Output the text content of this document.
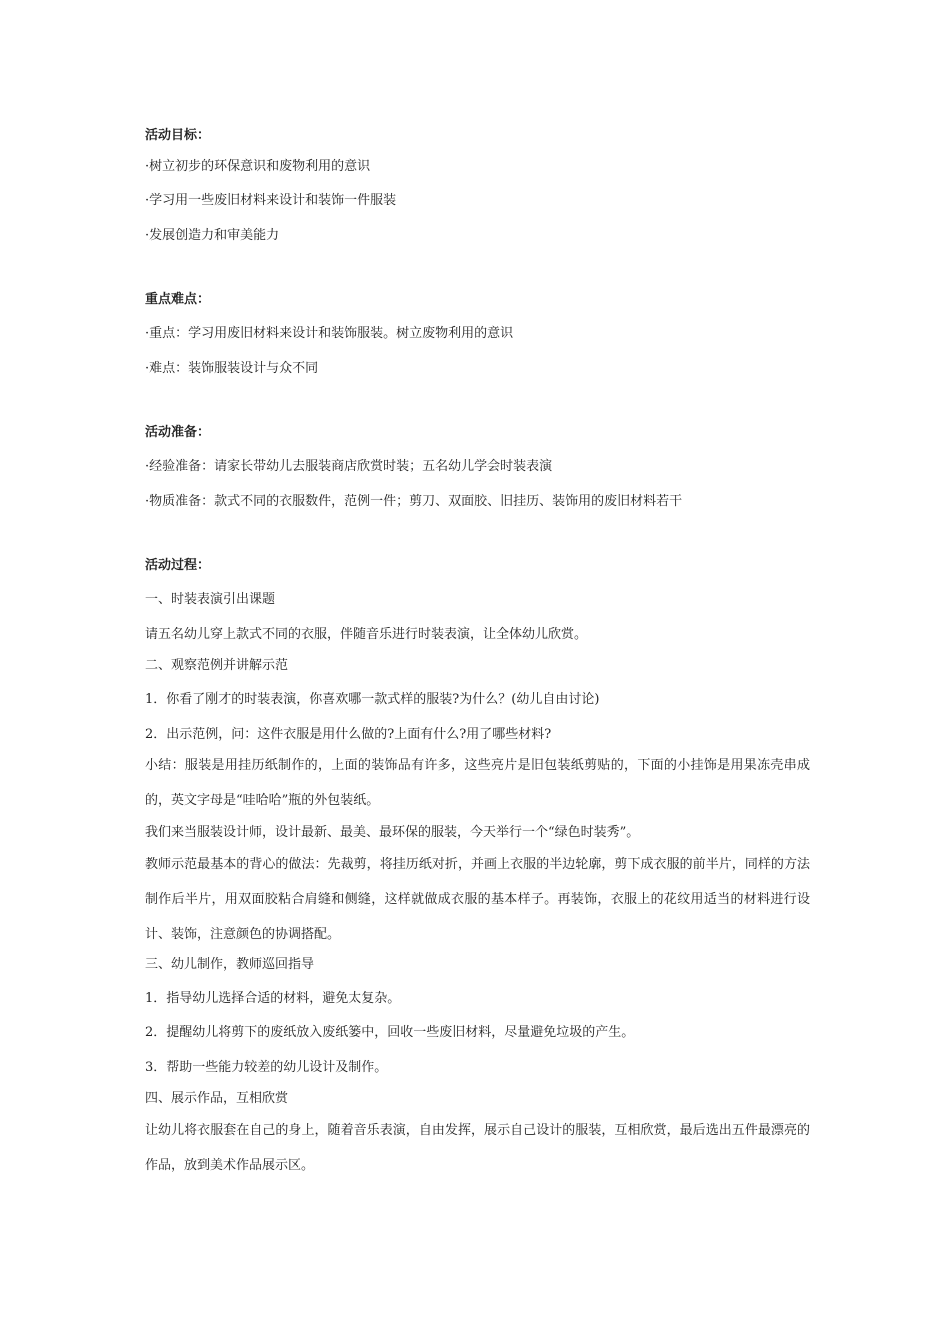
活动目标：
·树立初步的环保意识和废物利用的意识
·学习用一些废旧材料来设计和装饰一件服装
·发展创造力和审美能力
重点难点：
·重点：学习用废旧材料来设计和装饰服装。树立废物利用的意识
·难点：装饰服装设计与众不同
活动准备：
·经验准备：请家长带幼儿去服装商店欣赏时装；五名幼儿学会时装表演
·物质准备：款式不同的衣服数件，范例一件；剪刀、双面胶、旧挂历、装饰用的废旧材料若干
活动过程：
一、时装表演引出课题
请五名幼儿穿上款式不同的衣服，伴随音乐进行时装表演，让全体幼儿欣赏。
二、观察范例并讲解示范
1．你看了刚才的时装表演，你喜欢哪一款式样的服装?为什么？(幼儿自由讨论)
2．出示范例，问：这件衣服是用什么做的?上面有什么?用了哪些材料?
小结：服装是用挂历纸制作的，上面的装饰品有许多，这些亮片是旧包装纸剪贴的，下面的小挂饰是用果冻壳串成的，英文字母是“哇哈哈”瓶的外包装纸。
我们来当服装设计师，设计最新、最美、最环保的服装，今天举行一个“绿色时装秀”。
教师示范最基本的背心的做法：先裁剪，将挂历纸对折，并画上衣服的半边轮廓，剪下成衣服的前半片，同样的方法制作后半片，用双面胶粘合肩缝和侧缝，这样就做成衣服的基本样子。再装饰，衣服上的花纹用适当的材料进行设计、装饰，注意颜色的协调搭配。
三、幼儿制作，教师巡回指导
1．指导幼儿选择合适的材料，避免太复杂。
2．提醒幼儿将剪下的废纸放入废纸篓中，回收一些废旧材料，尽量避免垃圾的产生。
3．帮助一些能力较差的幼儿设计及制作。
四、展示作品，互相欣赏
让幼儿将衣服套在自己的身上，随着音乐表演，自由发挥，展示自己设计的服装，互相欣赏，最后选出五件最漂亮的作品，放到美术作品展示区。
